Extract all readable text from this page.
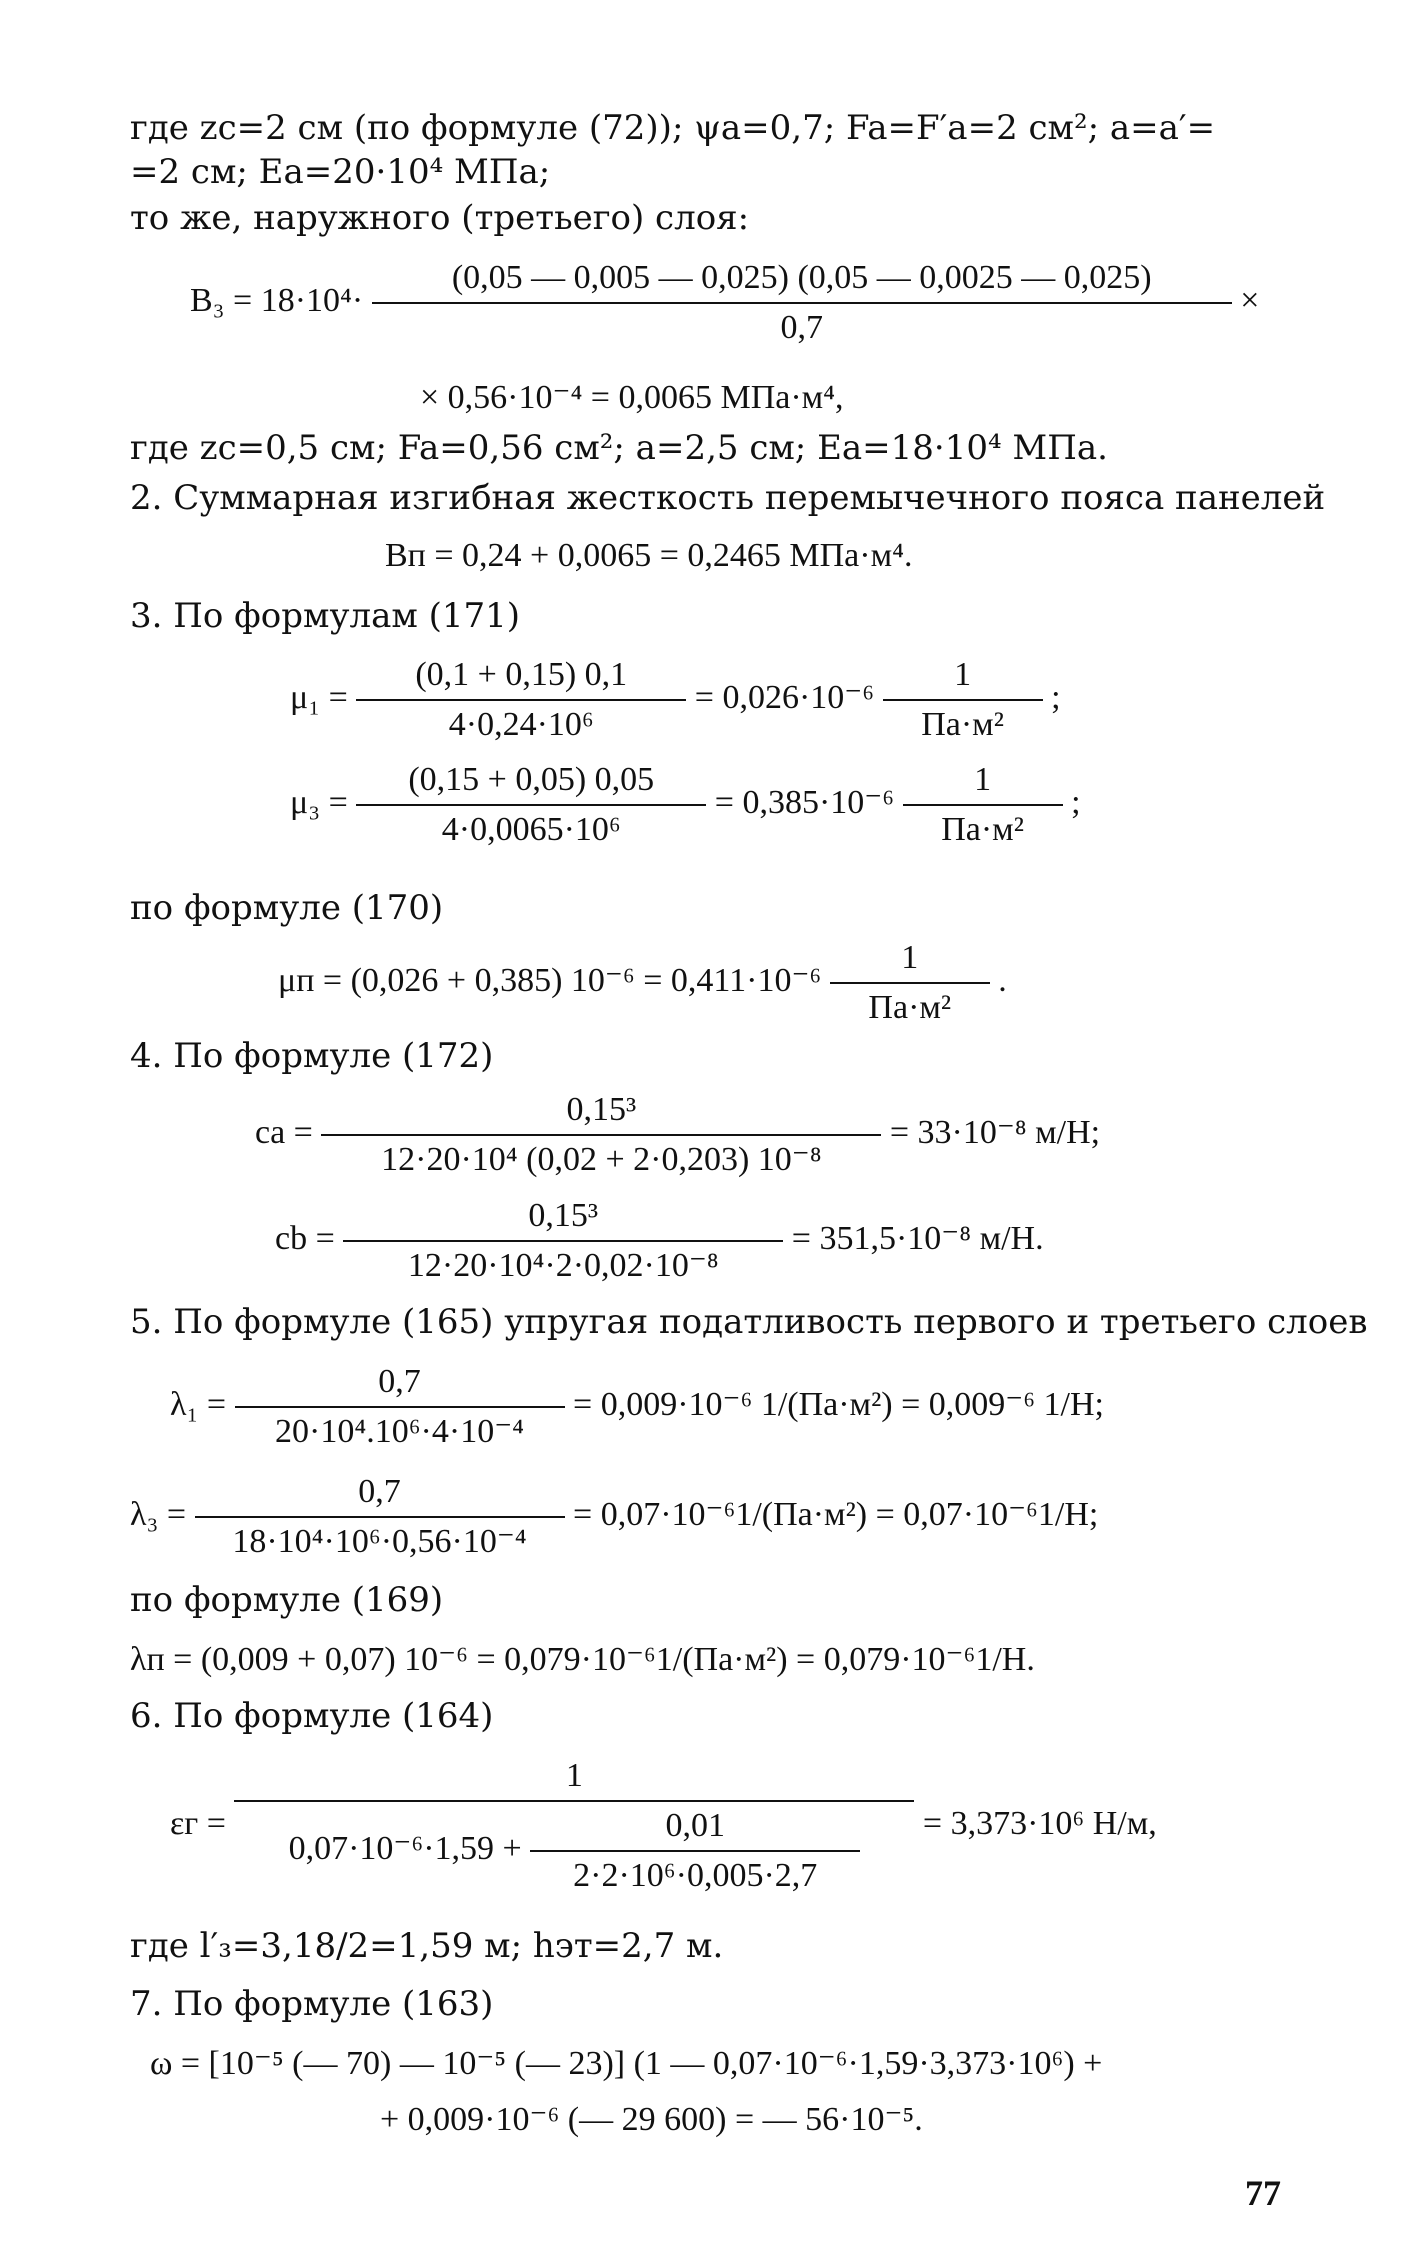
где zc=2 см (по формуле (72)); ψa=0,7; Fa=F′a=2 см²; a=a′=
=2 см; Ea=20·10⁴ МПа;
то же, наружного (третьего) слоя:
$B_3 = 18\cdot 10^4\cdot \frac{(0,05 — 0,005 — 0,025) (0,05 — 0,0025 — 0,025)}{0,7}$ ×
× 0,56·10⁻⁴ = 0,0065 МПа·м⁴,
где zc=0,5 см; Fa=0,56 см²; a=2,5 см; Ea=18·10⁴ МПа.
2. Суммарная изгибная жесткость перемычечного пояса панелей
Bп = 0,24 + 0,0065 = 0,2465 МПа·м⁴.
3. По формулам (171)
$\mu_1 = \frac{(0,1 + 0,15) 0,1}{\text{4·0,24·10⁶}} = 0,026\cdot 10^{-6} \frac{1}{\text{Па·м²}}$ ;
$\mu_3 = \frac{(0,15 + 0,05) 0,05}{\text{4·0,0065·10⁶}} = 0,385\cdot 10^{-6} \frac{1}{\text{Па·м²}}$ ;
по формуле (170)
μп = (0,026 + 0,385) $10^{-6} = 0,411\cdot 10^{-6} \frac{1}{\text{Па·м²}}$ .
4. По формуле (172)
ca = $\frac{\text{0,15³}}{\text{12·20·10⁴ (0,02 + 2·0,203) 10⁻⁸}} = 33\cdot 10^{-8}$ м/Н;
cb = $\frac{\text{0,15³}}{\text{12·20·10⁴·2·0,02·10⁻⁸}} = 351,5\cdot 10^{-8}$ м/Н.
5. По формуле (165) упругая податливость первого и третьего слоев
$\lambda_1 = \frac{0,7}{\text{20·10⁴.10⁶·4·10⁻⁴}} = 0,009\cdot 10^{-6}$ 1/(Па·м²) = 0,009⁻⁶ 1/Н;
$\lambda_3 = \frac{0,7}{\text{18·10⁴·10⁶·0,56·10⁻⁴}} = 0,07\cdot 10^{-6}1/(Па\cdot м^2) = 0,07\cdot 10^{-6}1/Н$;
по формуле (169)
λп = (0,009 + 0,07) 10⁻⁶ = 0,079·10⁻⁶1/(Па·м²) = 0,079·10⁻⁶1/Н.
6. По формуле (164)
εг =
1
$0,07\cdot 10^{-6}\cdot 1,59 + \frac{0,01}{\text{2·2·10⁶·0,005·2,7}} = 3,373\cdot 10^6$ Н/м,
где l′₃=3,18/2=1,59 м; hэт=2,7 м.
7. По формуле (163)
ω = [10⁻⁵ (— 70) — 10⁻⁵ (— 23)] (1 — 0,07·10⁻⁶·1,59·3,373·10⁶) +
+ 0,009·10⁻⁶ (— 29 600) = — 56·10⁻⁵.
77
